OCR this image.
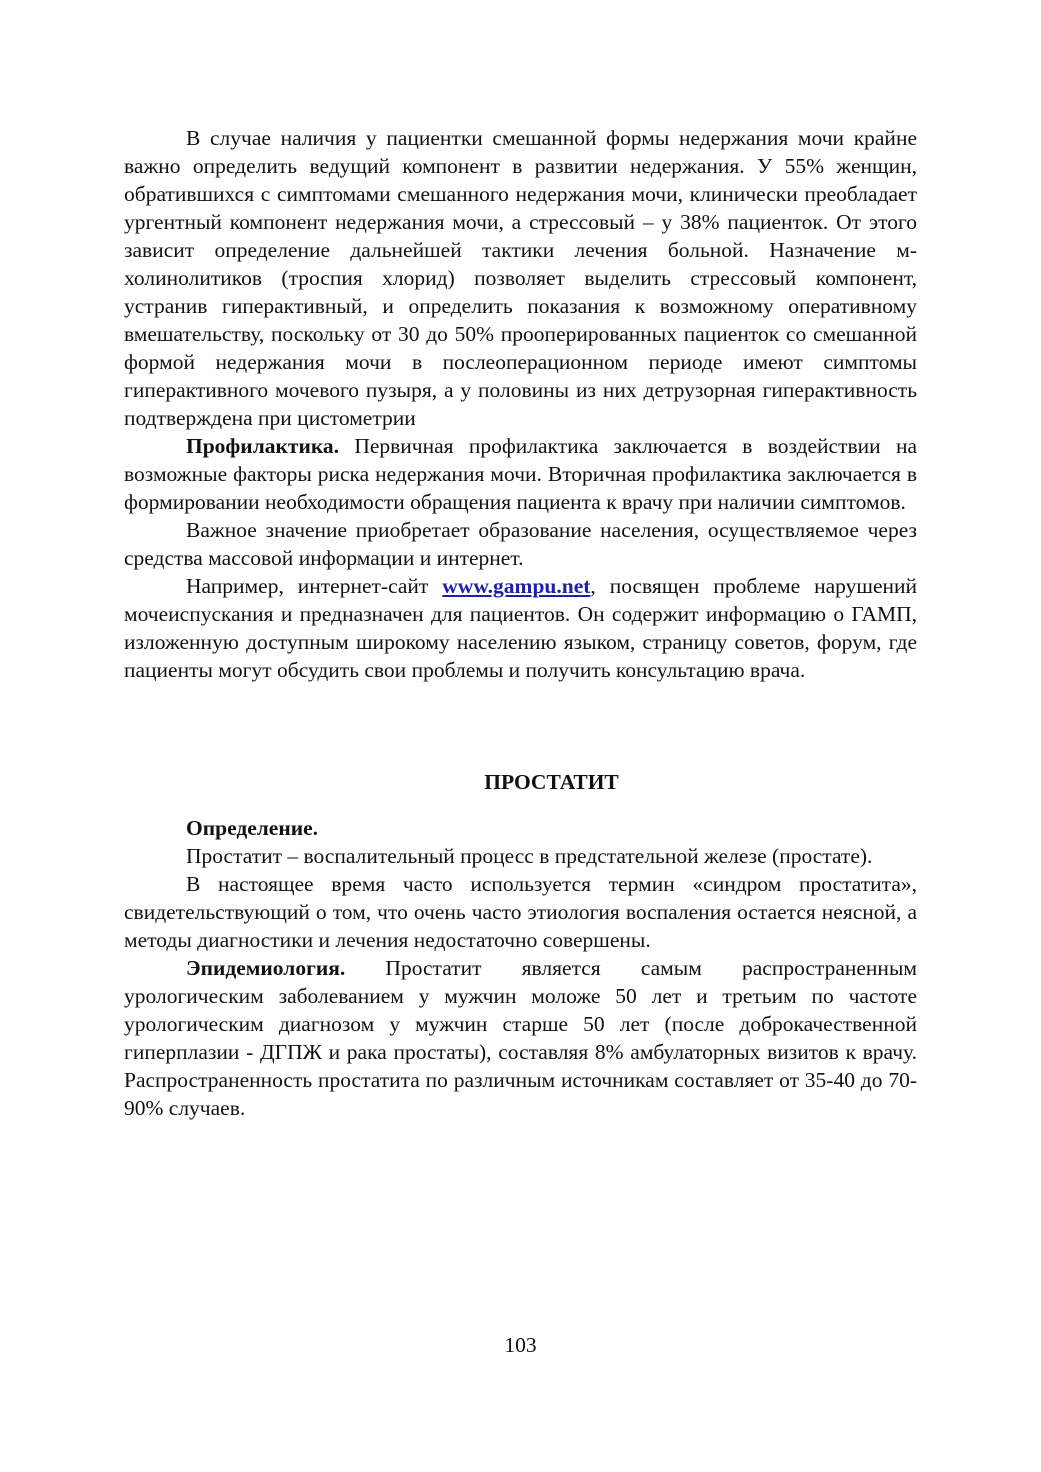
В случае наличия у пациентки смешанной формы недержания мочи крайне важно определить ведущий компонент в развитии недержания. У 55% женщин, обратившихся с симптомами смешанного недержания мочи, клинически преобладает ургентный компонент недержания мочи, а стрессовый – у 38% пациенток. От этого зависит определение дальнейшей тактики лечения больной. Назначение м-холинолитиков (троспия хлорид) позволяет выделить стрессовый компонент, устранив гиперактивный, и определить показания к возможному оперативному вмешательству, поскольку от 30 до 50% прооперированных пациенток со смешанной формой недержания мочи в послеоперационном периоде имеют симптомы гиперактивного мочевого пузыря, а у половины из них детрузорная гиперактивность подтверждена при цистометрии

Профилактика. Первичная профилактика заключается в воздействии на возможные факторы риска недержания мочи. Вторичная профилактика заключается в формировании необходимости обращения пациента к врачу при наличии симптомов.

Важное значение приобретает образование населения, осуществляемое через средства массовой информации и интернет.

Например, интернет-сайт www.gampu.net, посвящен проблеме нарушений мочеиспускания и предназначен для пациентов. Он содержит информацию о ГАМП, изложенную доступным широкому населению языком, страницу советов, форум, где пациенты могут обсудить свои проблемы и получить консультацию врача.

ПРОСТАТИТ

Определение.

Простатит – воспалительный процесс в предстательной железе (простате).

В настоящее время часто используется термин «синдром простатита», свидетельствующий о том, что очень часто этиология воспаления остается неясной, а методы диагностики и лечения недостаточно совершены.

Эпидемиология. Простатит является самым распространенным урологическим заболеванием у мужчин моложе 50 лет и третьим по частоте урологическим диагнозом у мужчин старше 50 лет (после доброкачественной гиперплазии - ДГПЖ и рака простаты), составляя 8% амбулаторных визитов к врачу. Распространенность простатита по различным источникам составляет от 35-40 до 70-90% случаев.

103
